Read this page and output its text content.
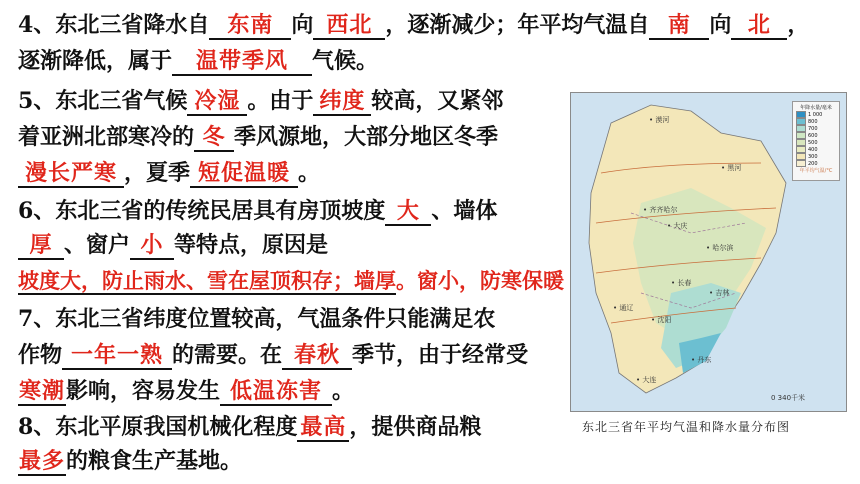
4、东北三省降水自 东南 向 西北 ，逐渐减少；年平均气温自 南 向 北 ，
逐渐降低，属于 温带季风 气候。
5、东北三省气候 冷湿 。由于 纬度 较高，又紧邻
着亚洲北部寒冷的 冬 季风源地，大部分地区冬季
漫长严寒 ，夏季 短促温暖 。
6、东北三省的传统民居具有房顶坡度 大 、墙体
厚 、窗户 小 等特点，原因是
坡度大，防止雨水、雪在屋顶积存；墙厚。窗小，防寒保暖
7、东北三省纬度位置较高，气温条件只能满足农
作物 一年一熟 的需要。在 春秋 季节，由于经常受
寒潮影响，容易发生 低温冻害 。
8、东北平原我国机械化程度 最高 ，提供商品粮
最多的粮食生产基地。
年降水量/毫米
1 000
800
700
600
500
400
300
200
年平均气温/°C
• 漠河
• 黑河
• 齐齐哈尔
• 大庆
• 哈尔滨
• 长春
• 吉林
• 沈阳
• 通辽
• 大连
• 丹东
0 340千米
东北三省年平均气温和降水量分布图
